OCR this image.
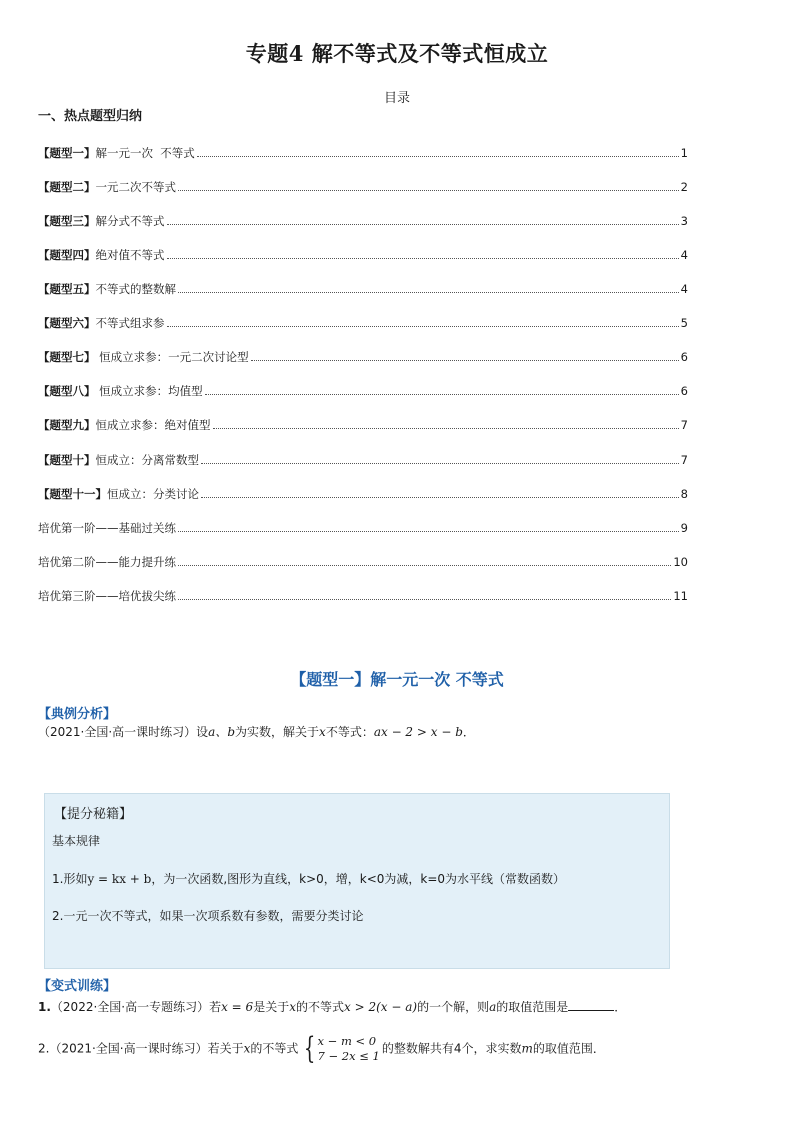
专题4 解不等式及不等式恒成立
目录
一、热点题型归纳
【题型一】 解一元一次  不等式	1
【题型二】 一元二次不等式	2
【题型三】 解分式不等式	3
【题型四】 绝对值不等式	4
【题型五】 不等式的整数解	4
【题型六】 不等式组求参	5
【题型七】 恒成立求参：一元二次讨论型	6
【题型八】 恒成立求参：均值型	6
【题型九】 恒成立求参：绝对值型	7
【题型十】 恒成立：分离常数型	7
【题型十一】 恒成立：分类讨论	8
培优第一阶——基础过关练	9
培优第二阶——能力提升练	10
培优第三阶——培优拔尖练	11
【题型一】解一元一次 不等式
【典例分析】
（2021·全国·高一课时练习）设a、b为实数，解关于x不等式：ax − 2 > x − b．
【提分秘籍】
基本规律
1.形如y = kx + b，为一次函数,图形为直线，k>0，增，k<0为减，k=0为水平线（常数函数）
2.一元一次不等式，如果一次项系数有参数，需要分类讨论
【变式训练】
1.（2022·全国·高一专题练习）若x = 6是关于x的不等式x > 2(x − a)的一个解，则a的取值范围是	．
2.（2021·全国·高一课时练习）若关于x的不等式 { x − m < 0
7 − 2x ≤ 1
的整数解共有4个，求实数m的取值范围．
